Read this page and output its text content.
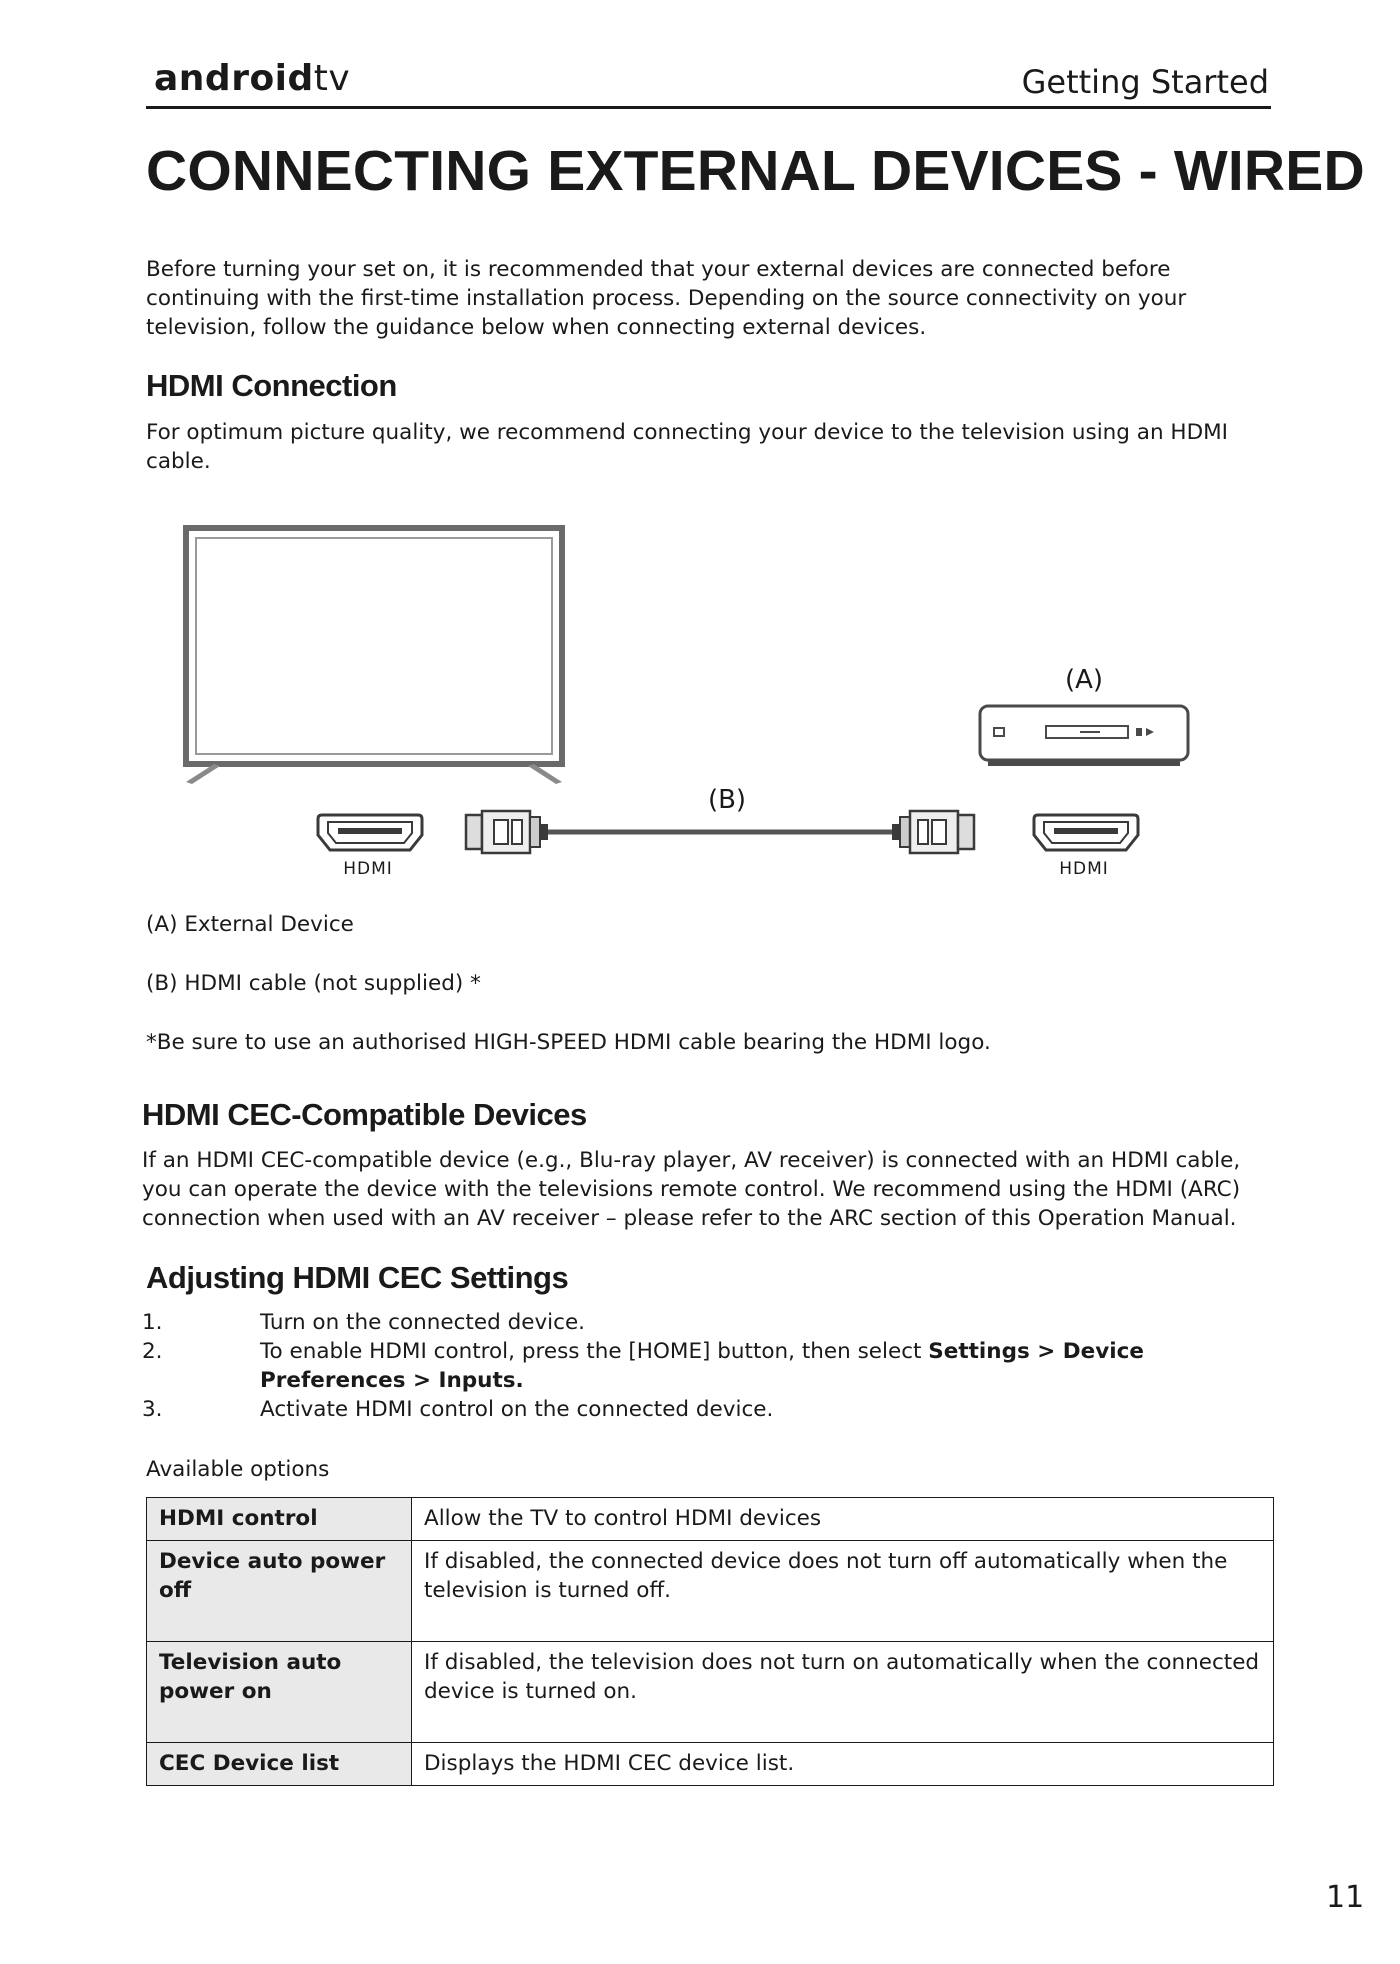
androidtv	Getting Started
CONNECTING EXTERNAL DEVICES - WIRED

Before turning your set on, it is recommended that your external devices are connected before continuing with the first-time installation process. Depending on the source connectivity on your television, follow the guidance below when connecting external devices.

HDMI Connection

For optimum picture quality, we recommend connecting your device to the television using an HDMI cable.

(A)
(B)
HDMI	HDMI

(A) External Device

(B) HDMI cable (not supplied) *

*Be sure to use an authorised HIGH-SPEED HDMI cable bearing the HDMI logo.

HDMI CEC-Compatible Devices

If an HDMI CEC-compatible device (e.g., Blu-ray player, AV receiver) is connected with an HDMI cable, you can operate the device with the televisions remote control. We recommend using the HDMI (ARC) connection when used with an AV receiver – please refer to the ARC section of this Operation Manual.

Adjusting HDMI CEC Settings
1.	Turn on the connected device.
2.	To enable HDMI control, press the [HOME] button, then select Settings > Device Preferences > Inputs.
3.	Activate HDMI control on the connected device.

Available options

HDMI control	Allow the TV to control HDMI devices
Device auto power off	If disabled, the connected device does not turn off automatically when the television is turned off.
Television auto power on	If disabled, the television does not turn on automatically when the connected device is turned on.
CEC Device list	Displays the HDMI CEC device list.
11
